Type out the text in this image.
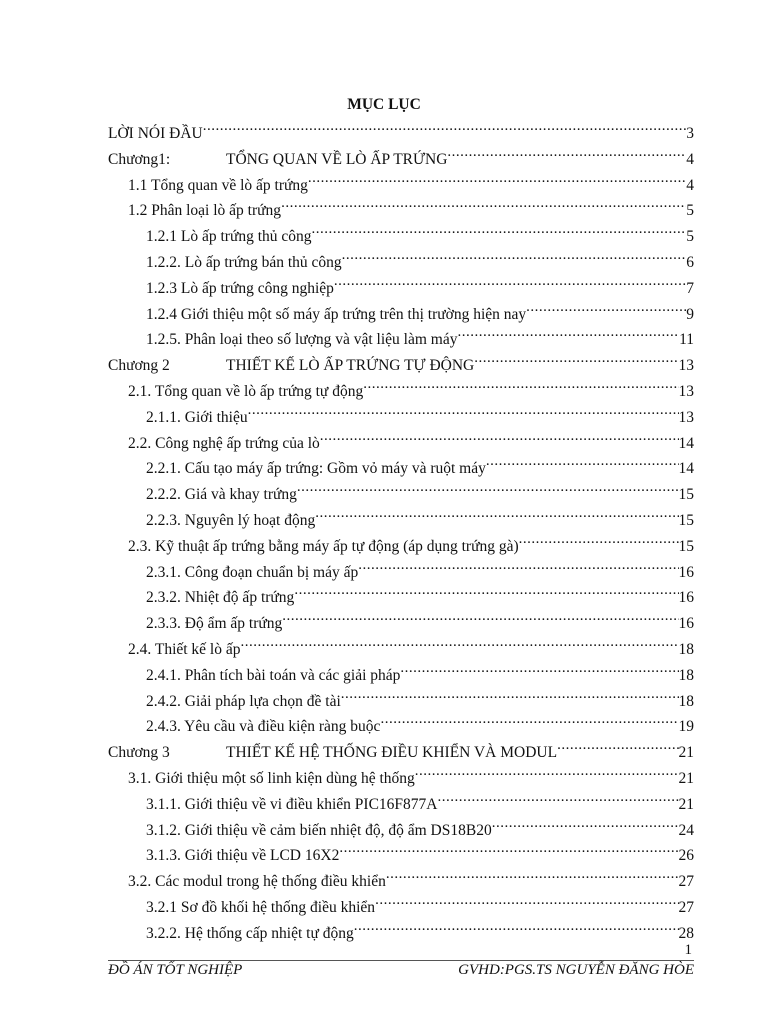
MỤC LỤC
LỜI NÓI ĐẦU .....	3
Chương1:	TỔNG QUAN VỀ LÒ ẤP TRỨNG .....	4
1.1 Tổng quan về lò ấp trứng .....	4
1.2 Phân loại lò ấp trứng .....	5
1.2.1 Lò ấp trứng thủ công .....	5
1.2.2. Lò ấp trứng bán thủ công .....	6
1.2.3 Lò ấp trứng công nghiệp .....	7
1.2.4 Giới thiệu một số máy ấp trứng trên thị trường hiện nay .....	9
1.2.5. Phân loại theo số lượng và vật liệu làm máy .....	11
Chương 2	THIẾT KẾ LÒ ẤP TRỨNG TỰ ĐỘNG .....	13
2.1. Tổng quan về lò ấp trứng tự động .....	13
2.1.1. Giới thiệu .....	13
2.2. Công nghệ ấp trứng của lò .....	14
2.2.1. Cấu tạo máy ấp trứng: Gồm vỏ máy và ruột máy .....	14
2.2.2. Giá và khay trứng .....	15
2.2.3. Nguyên lý hoạt động .....	15
2.3. Kỹ thuật ấp trứng bằng máy ấp tự động (áp dụng trứng gà) .....	15
2.3.1. Công đoạn chuẩn bị máy ấp .....	16
2.3.2. Nhiệt độ ấp trứng .....	16
2.3.3. Độ ẩm ấp trứng .....	16
2.4. Thiết kế lò ấp .....	18
2.4.1. Phân tích bài toán và các giải pháp .....	18
2.4.2. Giải pháp lựa chọn đề tài .....	18
2.4.3. Yêu cầu và điều kiện ràng buộc .....	19
Chương 3	THIẾT KẾ HỆ THỐNG ĐIỀU KHIỂN VÀ MODUL .....	21
3.1. Giới thiệu một số linh kiện dùng hệ thống .....	21
3.1.1. Giới thiệu về vi điều khiển PIC16F877A .....	21
3.1.2. Giới thiệu về cảm biến nhiệt độ, độ ẩm DS18B20 .....	24
3.1.3. Giới thiệu về LCD 16X2 .....	26
3.2. Các modul trong hệ thống điều khiển .....	27
3.2.1 Sơ đồ khối hệ thống điều khiển .....	27
3.2.2. Hệ thống cấp nhiệt tự động .....	28
1
ĐỒ ÁN TỐT NGHIỆP	GVHD:PGS.TS NGUYỄN ĐĂNG HÒE
